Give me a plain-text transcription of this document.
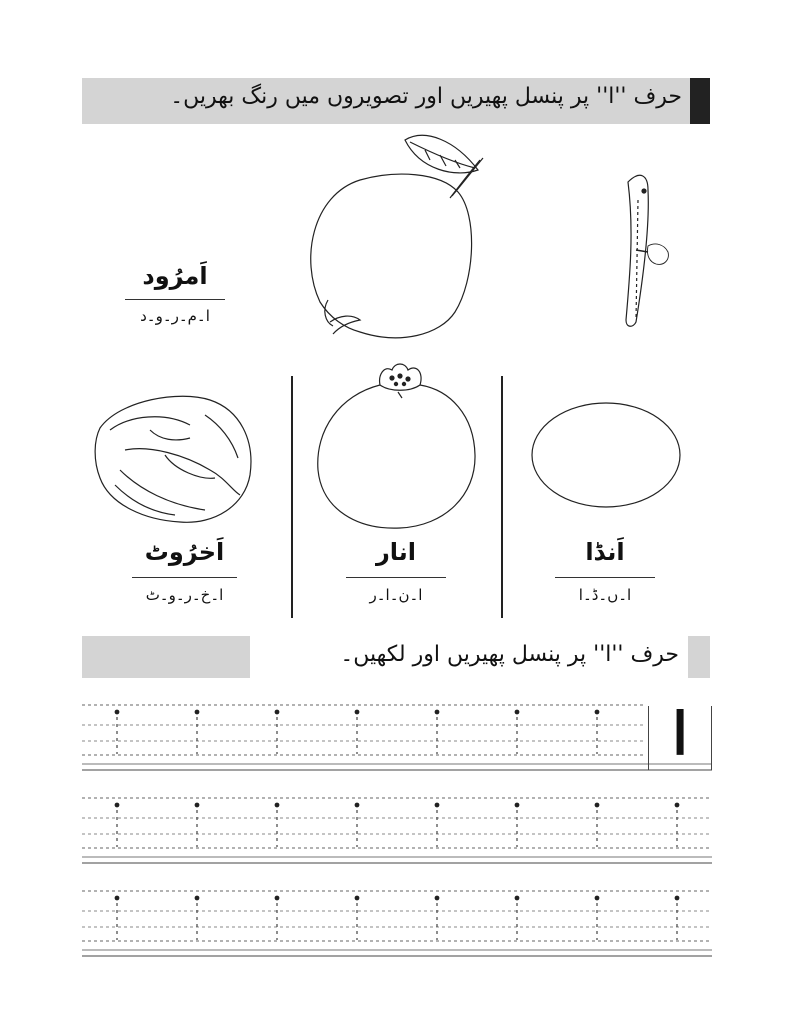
حرف ''ا'' پر پنسل پھیریں اور تصویروں میں رنگ بھریں۔
اَمرُود
ا۔م۔ر۔و۔د
اَخرُوٹ
ا۔خ۔ر۔و۔ٹ
انار
ا۔ن۔ا۔ر
اَنڈا
ا۔ں۔ڈ۔ا
حرف ''ا'' پر پنسل پھیریں اور لکھیں۔
ا
